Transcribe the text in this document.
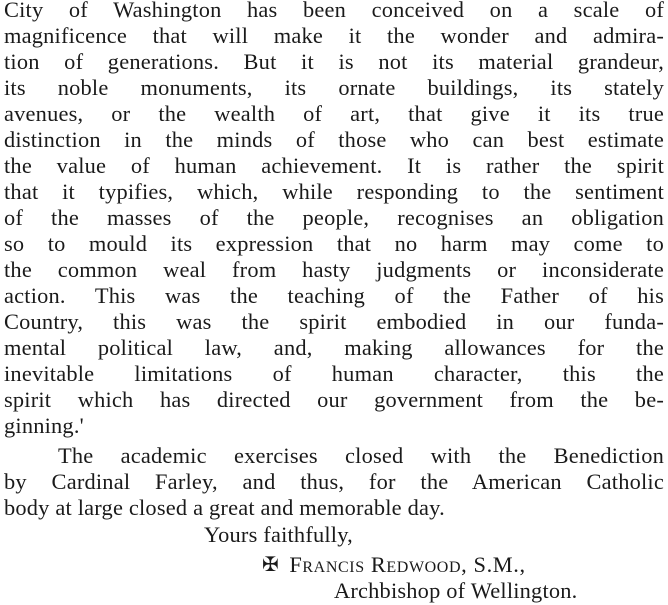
City of Washington has been conceived on a scale of
magnificence that will make it the wonder and admira-
tion of generations. But it is not its material grandeur,
its noble monuments, its ornate buildings, its stately
avenues, or the wealth of art, that give it its true
distinction in the minds of those who can best estimate
the value of human achievement. It is rather the spirit
that it typifies, which, while responding to the sentiment
of the masses of the people, recognises an obligation
so to mould its expression that no harm may come to
the common weal from hasty judgments or inconsiderate
action. This was the teaching of the Father of his
Country, this was the spirit embodied in our funda-
mental political law, and, making allowances for the
inevitable limitations of human character, this the
spirit which has directed our government from the be-
ginning.'
The academic exercises closed with the Benediction
by Cardinal Farley, and thus, for the American Catholic
body at large closed a great and memorable day.
Yours faithfully,
✠ Francis Redwood, S.M.,
Archbishop of Wellington.
